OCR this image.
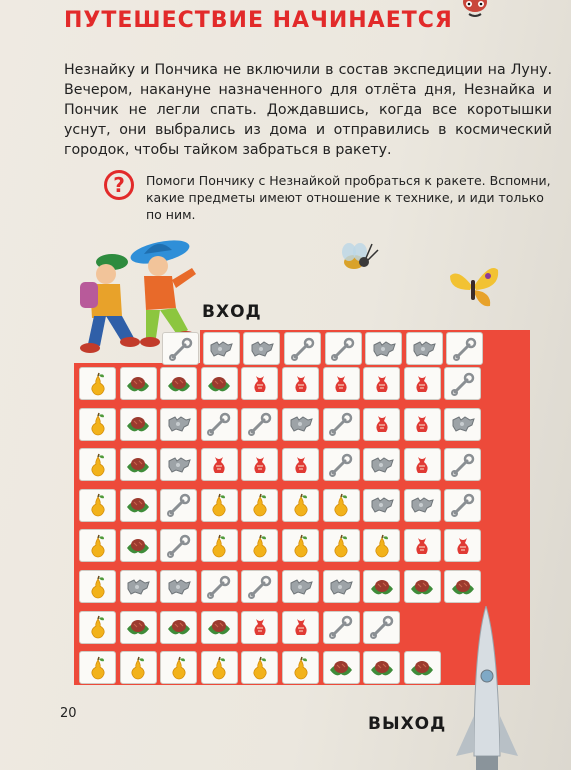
ПУТЕШЕСТВИЕ НАЧИНАЕТСЯ
Незнайку и Пончика не включили в состав экспедиции на Луну. Вечером, накануне назначенного для отлёта дня, Незнайка и Пончик не легли спать. Дождавшись, когда все коротышки уснут, они выбрались из дома и отправились в космический городок, чтобы тайком забраться в ракету.
?	Помоги Пончику с Незнайкой пробраться к ракете. Вспомни, какие предметы имеют отношение к технике, и иди только по ним.
ВХОД
ВЫХОД
20
